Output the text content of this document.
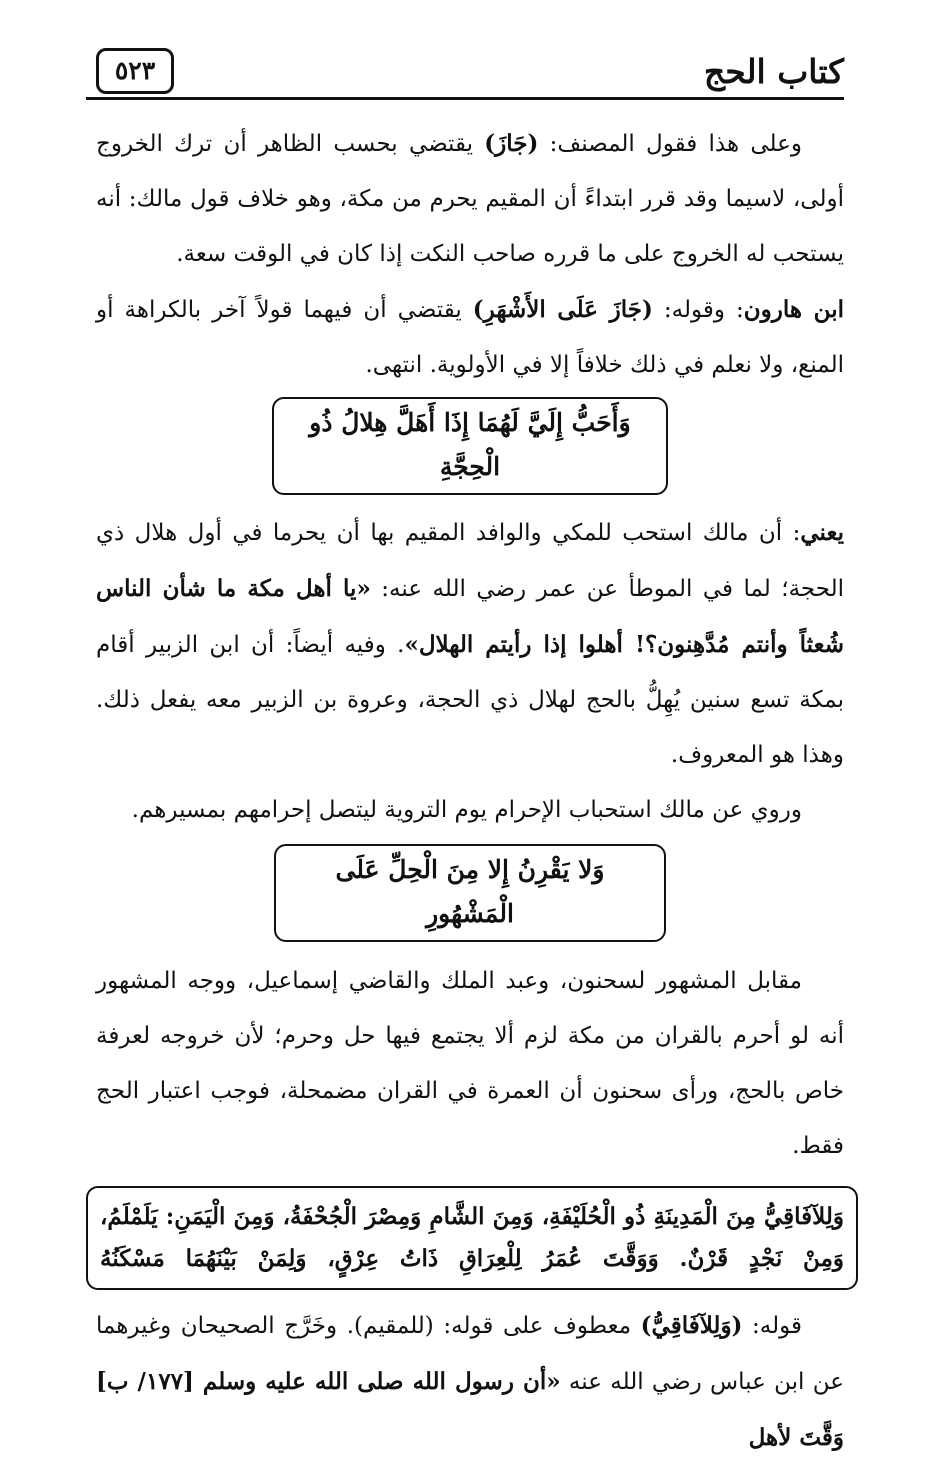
كتاب الحج
٥٢٣

وعلى هذا فقول المصنف: (جَازَ) يقتضي بحسب الظاهر أن ترك الخروج أولى، لاسيما وقد قرر ابتداءً أن المقيم يحرم من مكة، وهو خلاف قول مالك: أنه يستحب له الخروج على ما قرره صاحب النكت إذا كان في الوقت سعة.

ابن هارون: وقوله: (جَازَ عَلَى الأَشْهَرِ) يقتضي أن فيهما قولاً آخر بالكراهة أو المنع، ولا نعلم في ذلك خلافاً إلا في الأولوية. انتهى.

وَأَحَبُّ إِلَيَّ لَهُمَا إِذَا أَهَلَّ هِلالُ ذُو الْحِجَّةِ

يعني: أن مالك استحب للمكي والوافد المقيم بها أن يحرما في أول هلال ذي الحجة؛ لما في الموطأ عن عمر رضي الله عنه: «يا أهل مكة ما شأن الناس شُعثاً وأنتم مُدَّهِنون؟! أهلوا إذا رأيتم الهلال». وفيه أيضاً: أن ابن الزبير أقام بمكة تسع سنين يُهِلُّ بالحج لهلال ذي الحجة، وعروة بن الزبير معه يفعل ذلك. وهذا هو المعروف.

وروي عن مالك استحباب الإحرام يوم التروية ليتصل إحرامهم بمسيرهم.

وَلا يَقْرِنُ إِلا مِنَ الْحِلِّ عَلَى الْمَشْهُورِ

مقابل المشهور لسحنون، وعبد الملك والقاضي إسماعيل، ووجه المشهور أنه لو أحرم بالقران من مكة لزم ألا يجتمع فيها حل وحرم؛ لأن خروجه لعرفة خاص بالحج، ورأى سحنون أن العمرة في القران مضمحلة، فوجب اعتبار الحج فقط.

وَلِلآفَاقِيُّ مِنَ الْمَدِينَةِ ذُو الْحُلَيْفَةِ، وَمِنَ الشَّامِ وَمِصْرَ الْجُحْفَةُ، وَمِنَ الْيَمَنِ: يَلَمْلَمُ، وَمِنْ نَجْدٍ قَرْنٌ. وَوَقَّتَ عُمَرُ لِلْعِرَاقِ ذَاتُ عِرْقٍ، وَلِمَنْ بَيْنَهُمَا مَسْكَنُهُ

قوله: (وَلِلآفَاقِيُّ) معطوف على قوله: (للمقيم). وخَرَّج الصحيحان وغيرهما عن ابن عباس رضي الله عنه «أن رسول الله صلى الله عليه وسلم [١٧٧/ ب] وَقَّتَ لأهل
